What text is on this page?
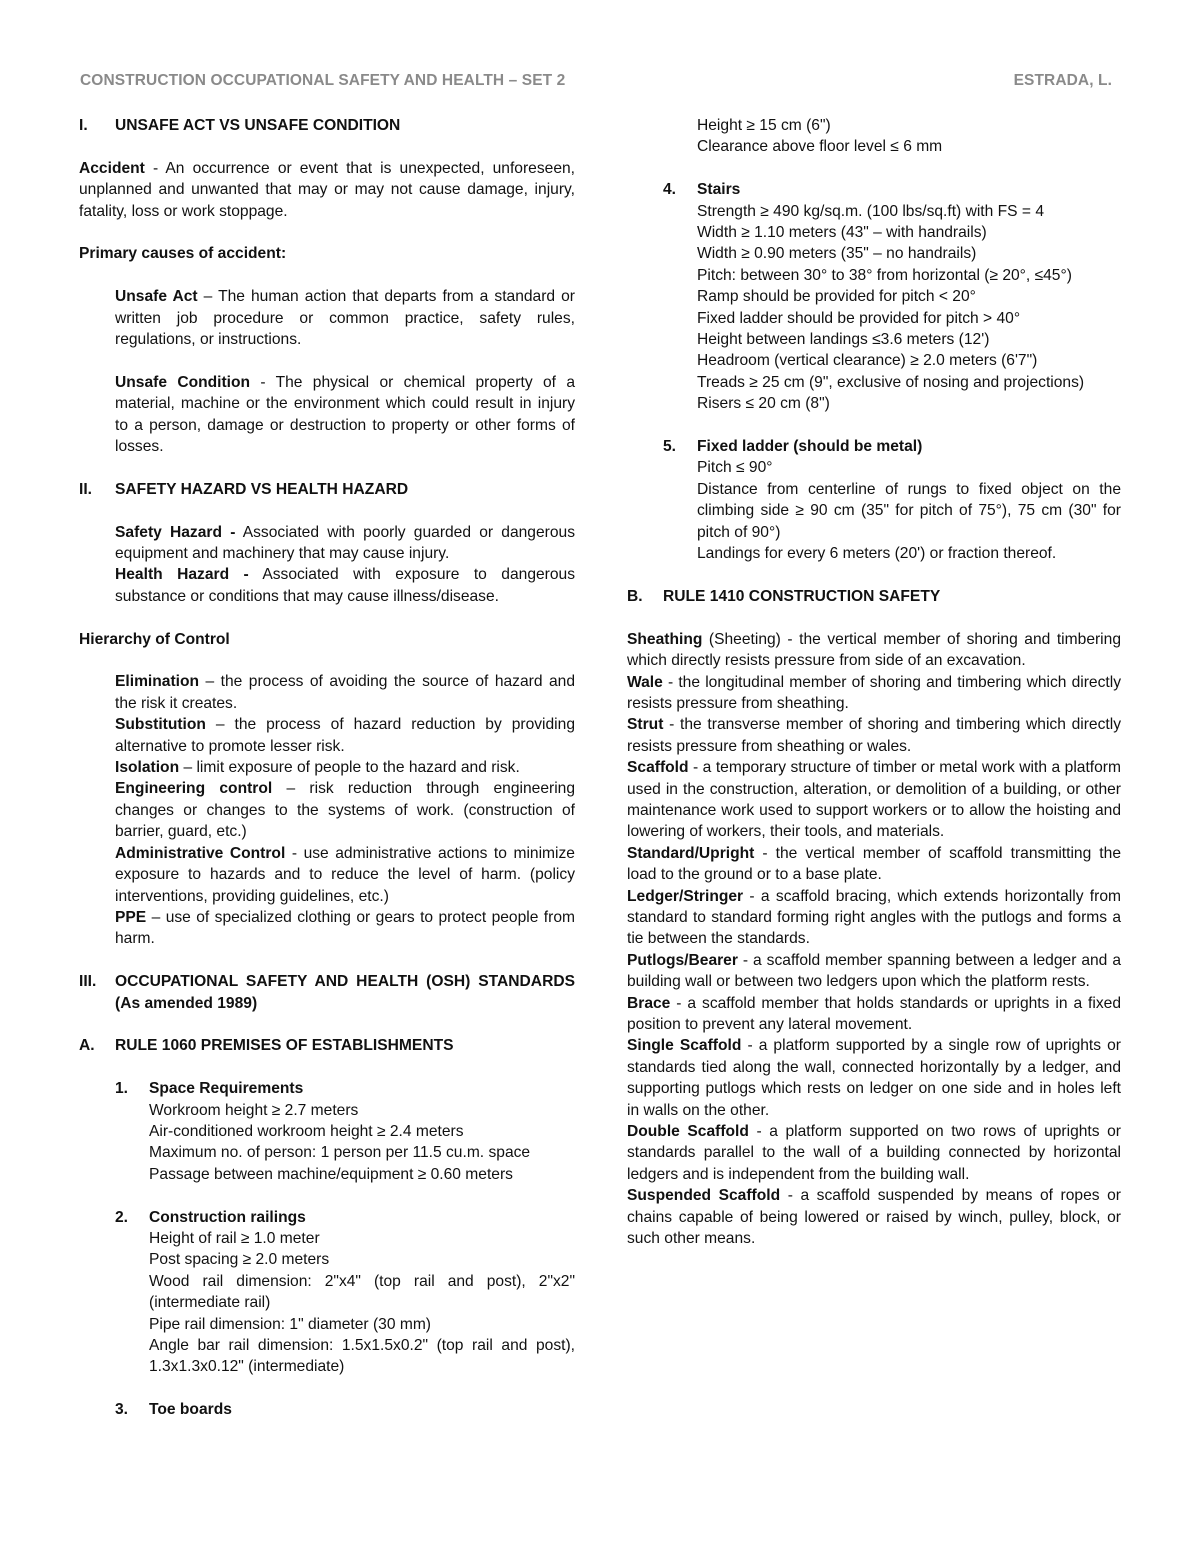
CONSTRUCTION OCCUPATIONAL SAFETY AND HEALTH – SET 2	ESTRADA, L.
I.	UNSAFE ACT VS UNSAFE CONDITION

Accident - An occurrence or event that is unexpected, unforeseen, unplanned and unwanted that may or may not cause damage, injury, fatality, loss or work stoppage.

Primary causes of accident:

Unsafe Act – The human action that departs from a standard or written job procedure or common practice, safety rules, regulations, or instructions.

Unsafe Condition - The physical or chemical property of a material, machine or the environment which could result in injury to a person, damage or destruction to property or other forms of losses.

II.	SAFETY HAZARD VS HEALTH HAZARD

Safety Hazard - Associated with poorly guarded or dangerous equipment and machinery that may cause injury.

Health Hazard - Associated with exposure to dangerous substance or conditions that may cause illness/disease.

Hierarchy of Control

Elimination – the process of avoiding the source of hazard and the risk it creates.

Substitution – the process of hazard reduction by providing alternative to promote lesser risk.

Isolation – limit exposure of people to the hazard and risk.

Engineering control – risk reduction through engineering changes or changes to the systems of work. (construction of barrier, guard, etc.)

Administrative Control - use administrative actions to minimize exposure to hazards and to reduce the level of harm. (policy interventions, providing guidelines, etc.)

PPE – use of specialized clothing or gears to protect people from harm.

III.	OCCUPATIONAL SAFETY AND HEALTH (OSH) STANDARDS (As amended 1989)
A.	RULE 1060 PREMISES OF ESTABLISHMENTS
1.	Space Requirements

Workroom height ≥ 2.7 meters

Air-conditioned workroom height ≥ 2.4 meters

Maximum no. of person: 1 person per 11.5 cu.m. space

Passage between machine/equipment ≥ 0.60 meters

2.	Construction railings

Height of rail ≥ 1.0 meter

Post spacing ≥ 2.0 meters

Wood rail dimension: 2"x4" (top rail and post), 2"x2" (intermediate rail)

Pipe rail dimension: 1" diameter (30 mm)

Angle bar rail dimension: 1.5x1.5x0.2" (top rail and post), 1.3x1.3x0.12" (intermediate)

3.	Toe boards

Height ≥ 15 cm (6")

Clearance above floor level ≤ 6 mm

4.	Stairs

Strength ≥ 490 kg/sq.m. (100 lbs/sq.ft) with FS = 4

Width ≥ 1.10 meters (43" – with handrails)

Width ≥ 0.90 meters (35" – no handrails)

Pitch: between 30° to 38° from horizontal (≥ 20°, ≤45°)

Ramp should be provided for pitch < 20°

Fixed ladder should be provided for pitch > 40°

Height between landings ≤3.6 meters (12')

Headroom (vertical clearance) ≥ 2.0 meters (6'7")

Treads ≥ 25 cm (9", exclusive of nosing and projections)

Risers ≤ 20 cm (8")

5.	Fixed ladder (should be metal)

Pitch ≤ 90°

Distance from centerline of rungs to fixed object on the climbing side ≥ 90 cm (35" for pitch of 75°), 75 cm (30" for pitch of 90°)

Landings for every 6 meters (20') or fraction thereof.

B.	RULE 1410 CONSTRUCTION SAFETY

Sheathing (Sheeting) - the vertical member of shoring and timbering which directly resists pressure from side of an excavation.

Wale - the longitudinal member of shoring and timbering which directly resists pressure from sheathing.

Strut - the transverse member of shoring and timbering which directly resists pressure from sheathing or wales.

Scaffold - a temporary structure of timber or metal work with a platform used in the construction, alteration, or demolition of a building, or other maintenance work used to support workers or to allow the hoisting and lowering of workers, their tools, and materials.

Standard/Upright - the vertical member of scaffold transmitting the load to the ground or to a base plate.

Ledger/Stringer - a scaffold bracing, which extends horizontally from standard to standard forming right angles with the putlogs and forms a tie between the standards.

Putlogs/Bearer - a scaffold member spanning between a ledger and a building wall or between two ledgers upon which the platform rests.

Brace - a scaffold member that holds standards or uprights in a fixed position to prevent any lateral movement.

Single Scaffold - a platform supported by a single row of uprights or standards tied along the wall, connected horizontally by a ledger, and supporting putlogs which rests on ledger on one side and in holes left in walls on the other.

Double Scaffold - a platform supported on two rows of uprights or standards parallel to the wall of a building connected by horizontal ledgers and is independent from the building wall.

Suspended Scaffold - a scaffold suspended by means of ropes or chains capable of being lowered or raised by winch, pulley, block, or such other means.
